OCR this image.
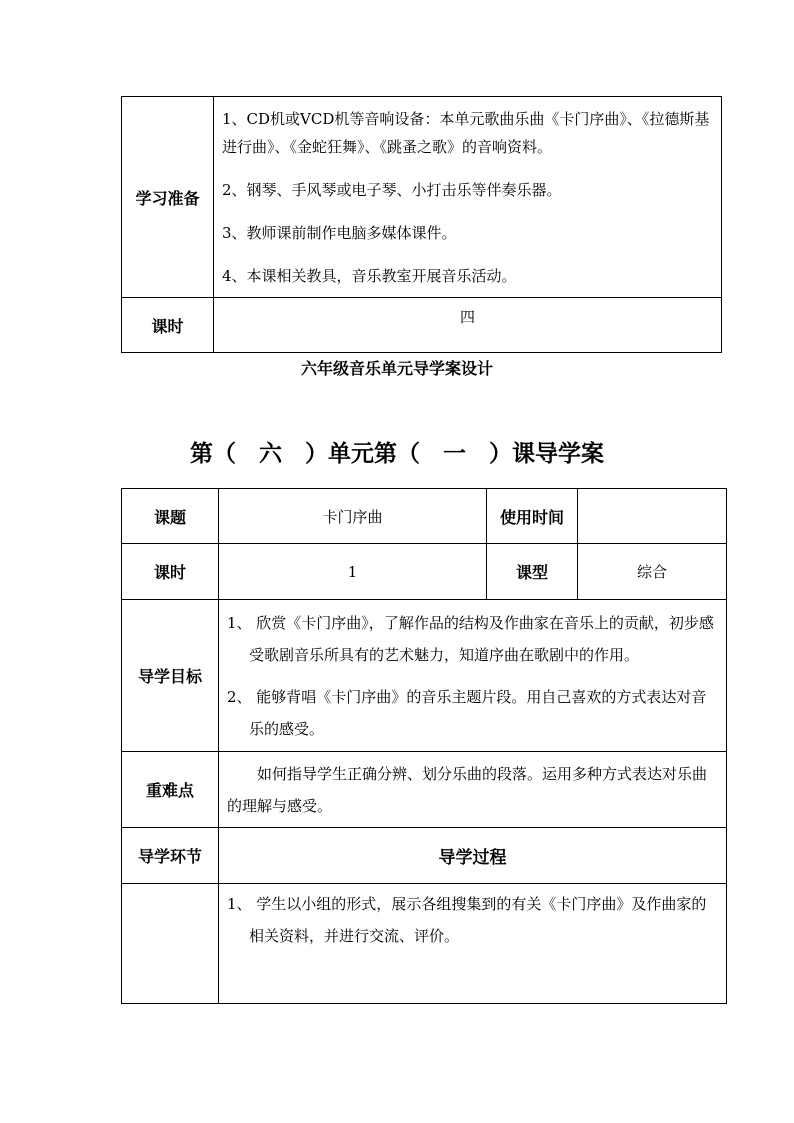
学习准备	1、CD机或VCD机等音响设备：本单元歌曲乐曲《卡门序曲》、《拉德斯基进行曲》、《金蛇狂舞》、《跳蚤之歌》的音响资料。

2、钢琴、手风琴或电子琴、小打击乐等伴奏乐器。

3、教师课前制作电脑多媒体课件。

4、本课相关教具，音乐教室开展音乐活动。

课时	四
六年级音乐单元导学案设计
第（　六　）单元第（　一　）课导学案
课题	卡门序曲	使用时间	
课时	1	课型	综合
导学目标	1、 欣赏《卡门序曲》，了解作品的结构及作曲家在音乐上的贡献，初步感受歌剧音乐所具有的艺术魅力，知道序曲在歌剧中的作用。

2、 能够背唱《卡门序曲》的音乐主题片段。用自己喜欢的方式表达对音乐的感受。		

重难点	如何指导学生正确分辨、划分乐曲的段落。运用多种方式表达对乐曲的理解与感受。		

导学环节	导学过程		

	1、 学生以小组的形式，展示各组搜集到的有关《卡门序曲》及作曲家的相关资料，并进行交流、评价。		
